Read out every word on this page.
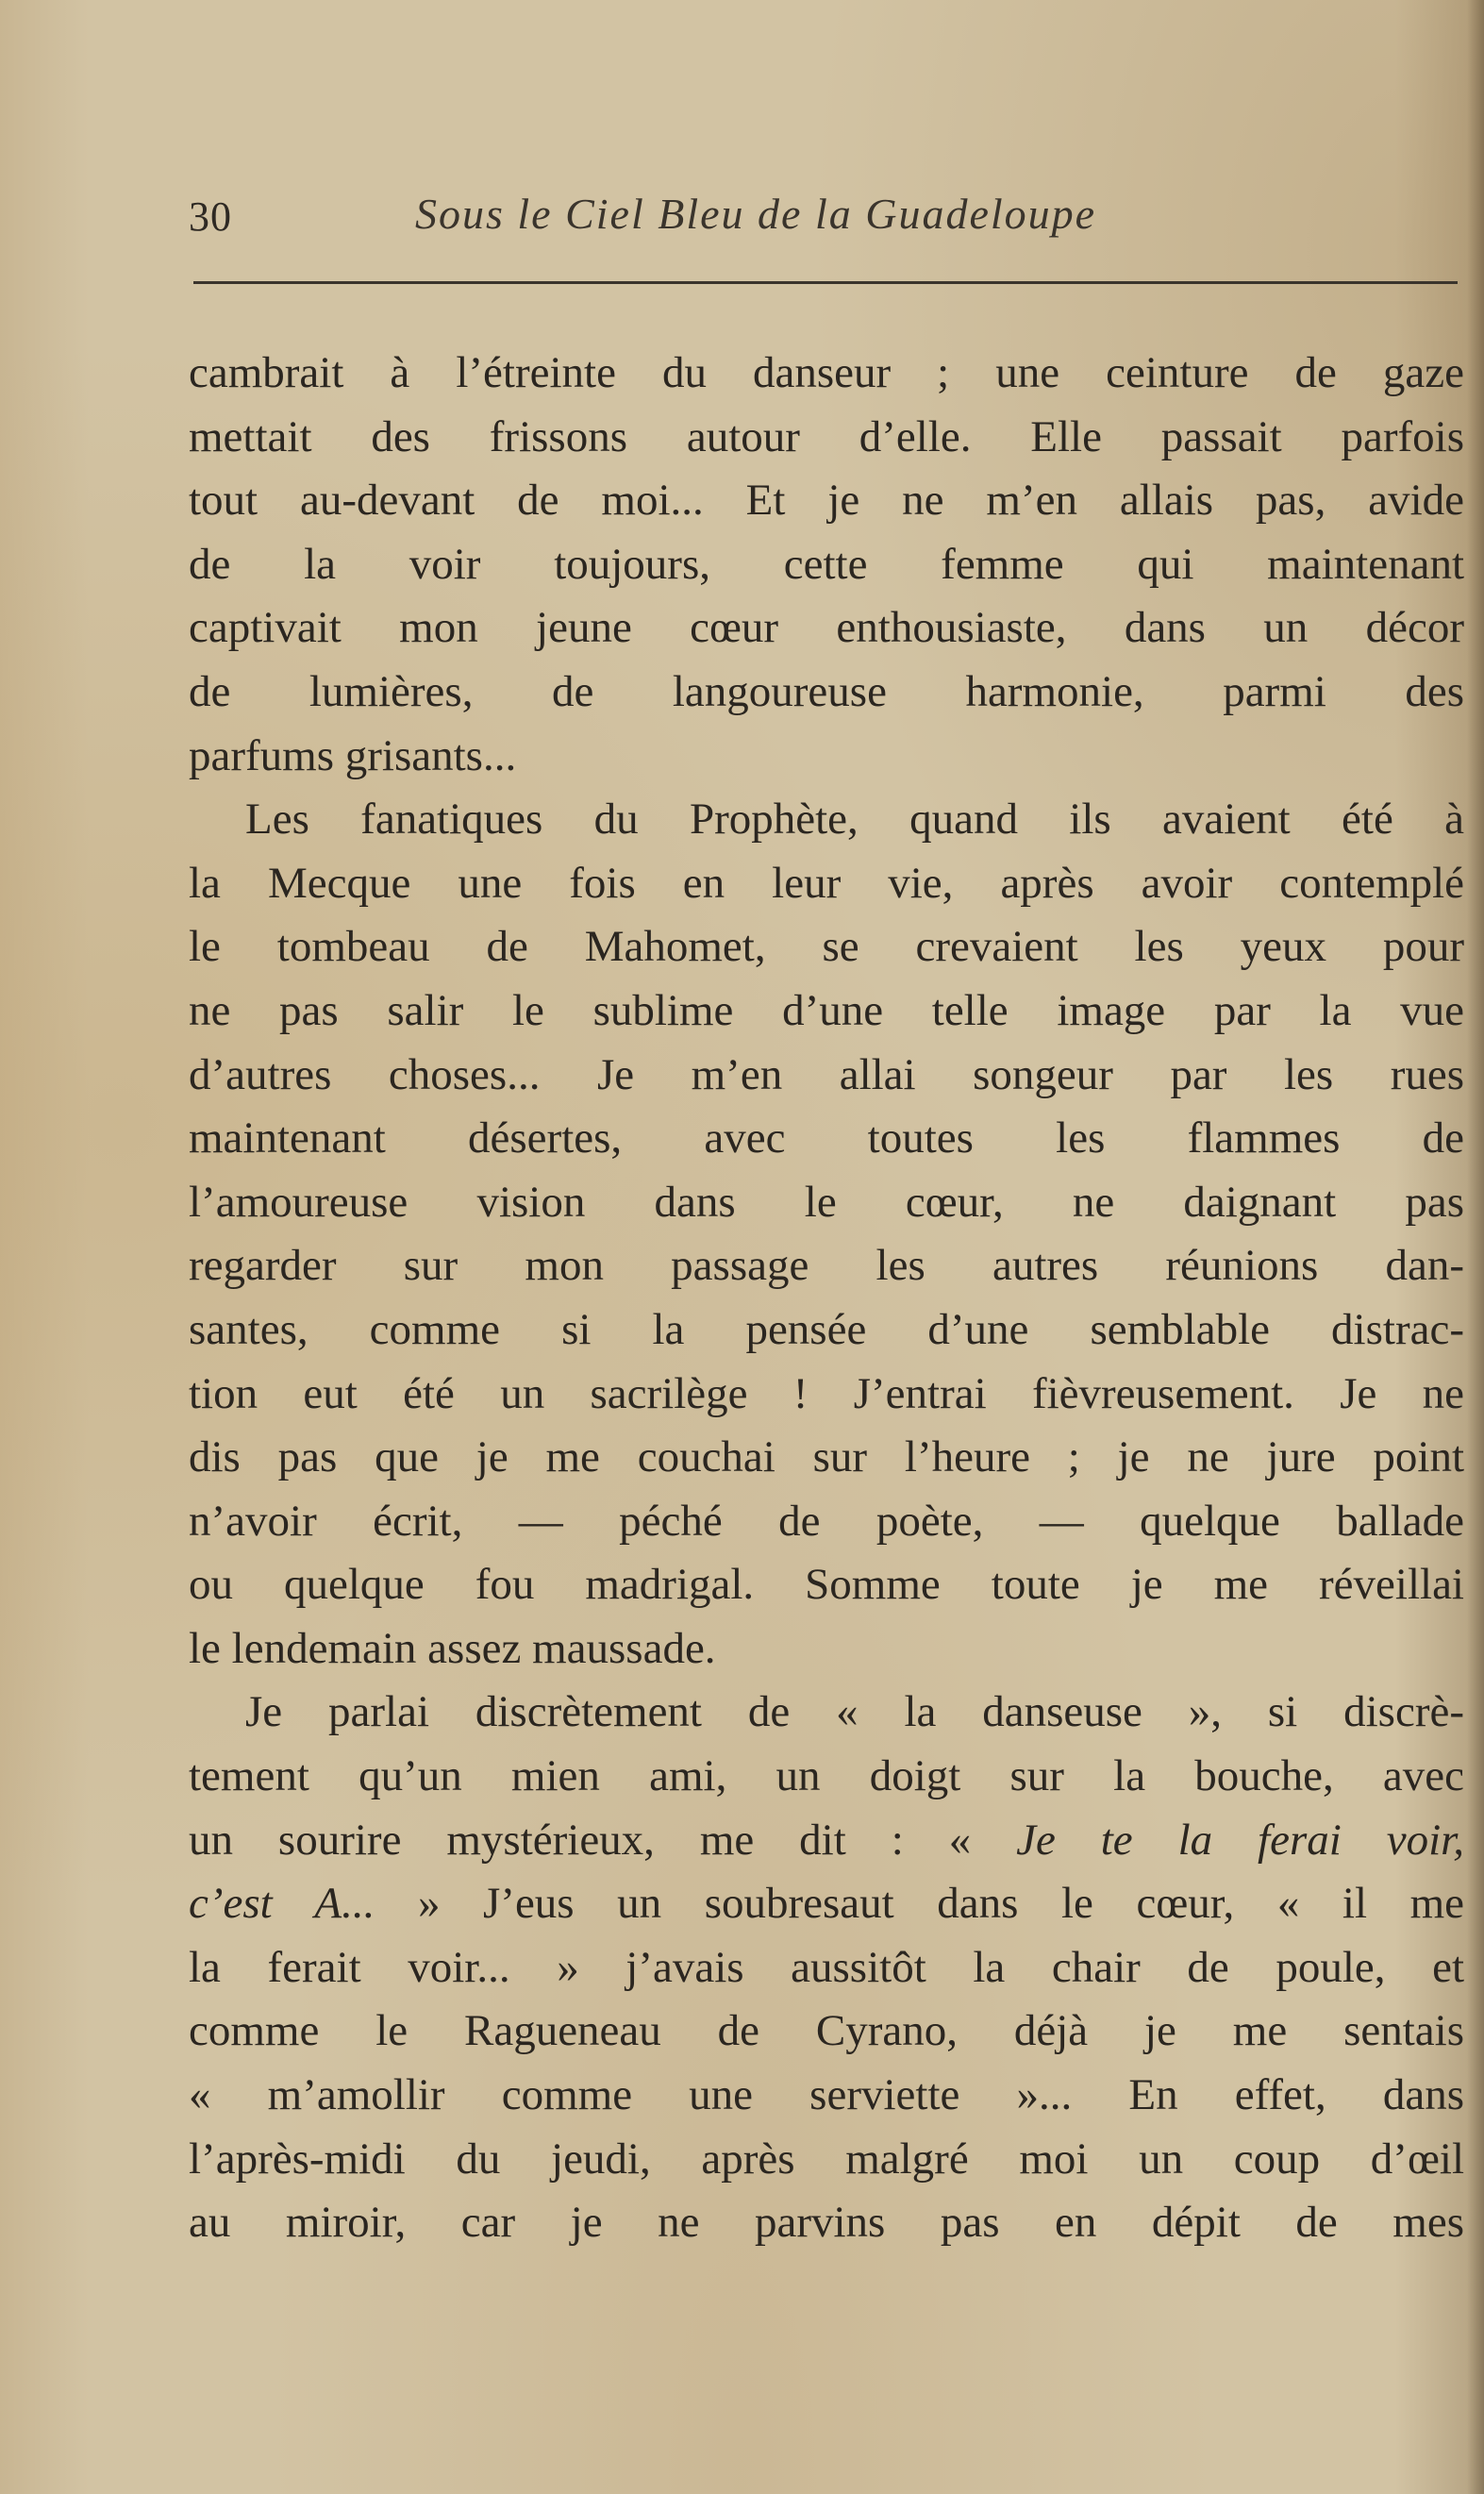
30	Sous le Ciel Bleu de la Guadeloupe
cambrait à l’étreinte du danseur ; une ceinture de gaze
mettait des frissons autour d’elle. Elle passait parfois
tout au-devant de moi... Et je ne m’en allais pas, avide
de la voir toujours, cette femme qui maintenant
captivait mon jeune cœur enthousiaste, dans un décor
de lumières, de langoureuse harmonie, parmi des
parfums grisants...
Les fanatiques du Prophète, quand ils avaient été à
la Mecque une fois en leur vie, après avoir contemplé
le tombeau de Mahomet, se crevaient les yeux pour
ne pas salir le sublime d’une telle image par la vue
d’autres choses... Je m’en allai songeur par les rues
maintenant désertes, avec toutes les flammes de
l’amoureuse vision dans le cœur, ne daignant pas
regarder sur mon passage les autres réunions dan-
santes, comme si la pensée d’une semblable distrac-
tion eut été un sacrilège ! J’entrai fièvreusement. Je ne
dis pas que je me couchai sur l’heure ; je ne jure point
n’avoir écrit, — péché de poète, — quelque ballade
ou quelque fou madrigal. Somme toute je me réveillai
le lendemain assez maussade.
Je parlai discrètement de « la danseuse », si discrè-
tement qu’un mien ami, un doigt sur la bouche, avec
un sourire mystérieux, me dit : « Je te la ferai voir,
c’est A... » J’eus un soubresaut dans le cœur, « il me
la ferait voir... » j’avais aussitôt la chair de poule, et
comme le Ragueneau de Cyrano, déjà je me sentais
« m’amollir comme une serviette »... En effet, dans
l’après-midi du jeudi, après malgré moi un coup d’œil
au miroir, car je ne parvins pas en dépit de mes
